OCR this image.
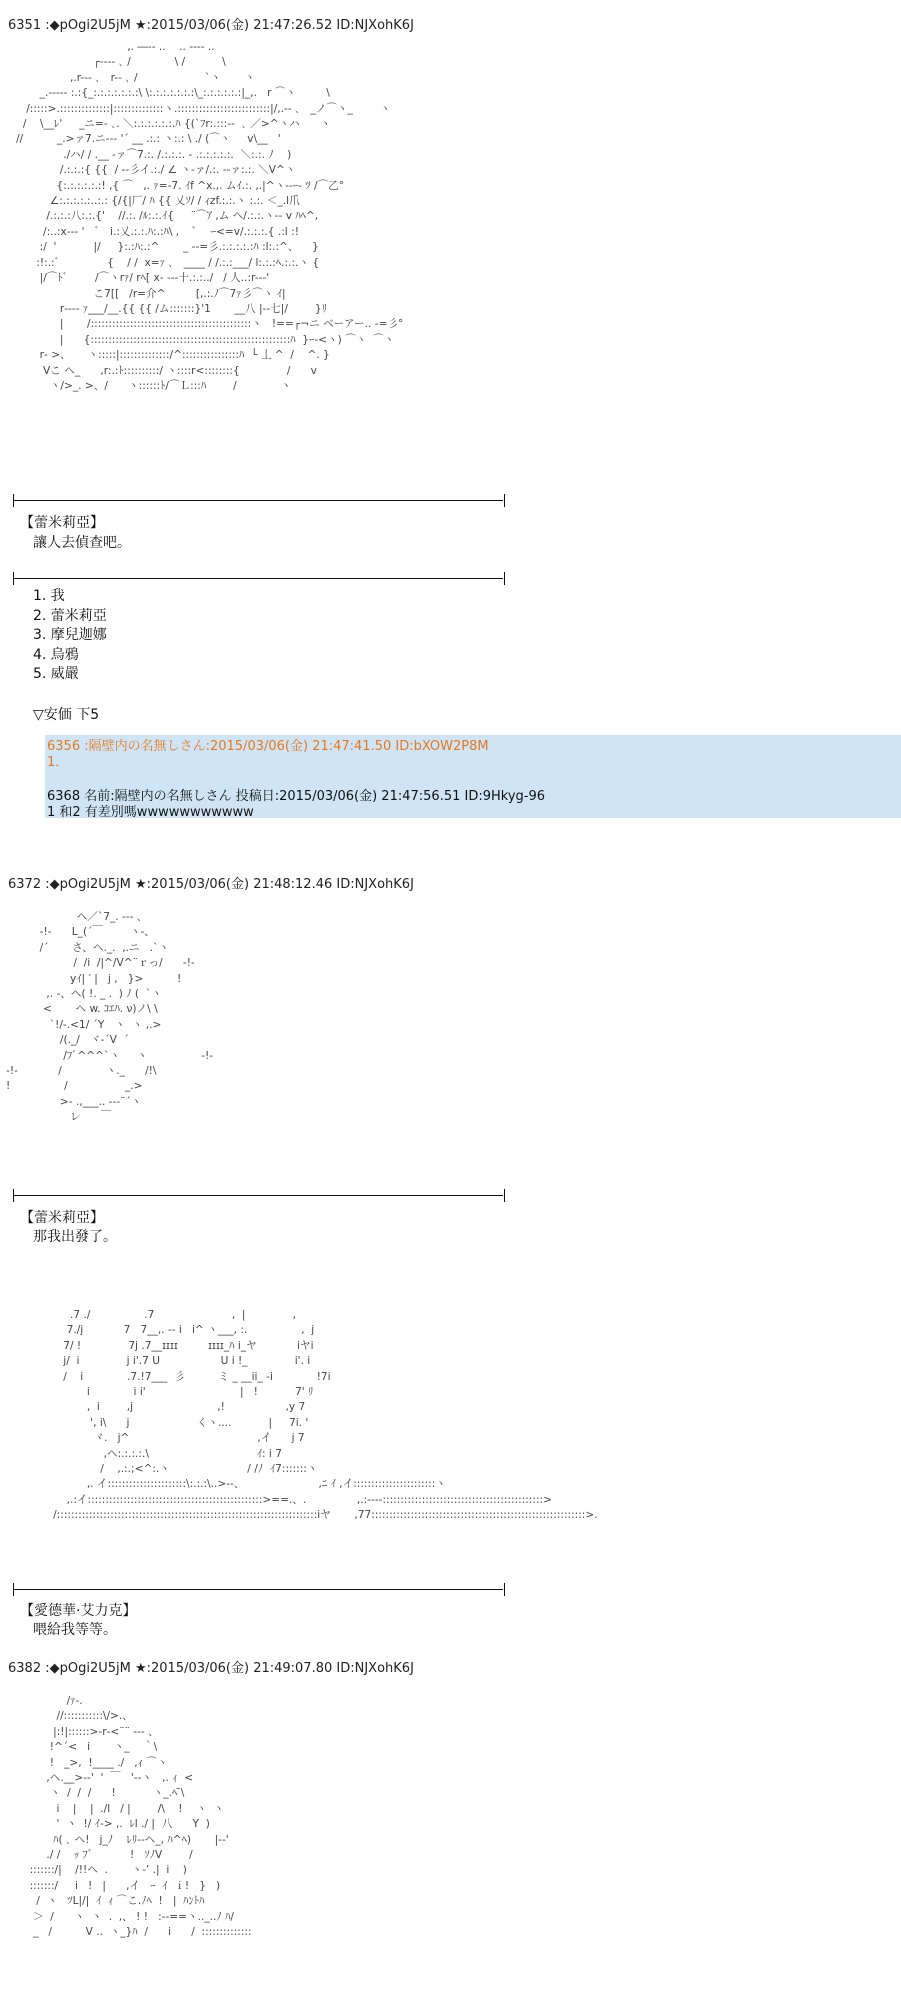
6351 :◆pOgi2U5jM ★:2015/03/06(金) 21:47:26.52 ID:NJXohK6J
,. ―-- ..    .. ---‐ ..
┌---‐ ､ /             \ /           \
,.r--‐ ､   r-‐ ､ /                    `ヽ       ヽ
_.----- :.:{_:.:.:.:.:.:.:\ \:.:.:.:.:.:.:\_:.:.:.:.:.:|_,.   r ⌒ヽ         \
/:::::>.::::::::::::::|::::::::::::::ヽ.::::::::::::::::::::::::::|/,.-‐ ､   _ノ⌒ヽ_        ヽ
/    \__ﾚ'     _ニ=‐ ､. ＼:.:.:.:.:.:.ﾊ {(`ﾌr:.:::-‐  ､ ／>^ヽハ      ヽ
//          _.>ァ7.ニ--‐ '´ __ .:.: ヽ:.: \ ./ (⌒ヽ     v\__   '
./ハ/ / .__ ‐ァ⌒7.:. /.:.:.:. ‐ .:.:.:.:.:.  ＼:.:. ﾉ    )
/.:.:.:{ {{  / ‐-彡イ.:./ ∠ ヽ‐ァ/.:. ‐‐ァ:.:. ＼V^ヽ
{:.:.:.:.:.:! ,{ ⌒   ,. ｧ=-7. ｲf ^x.,. ムｲ.:. ,.|^ヽ--ｰ- ﾂ /⌒乙°
∠:.:.:.:.:..:.: {/{|厂/ ﾊ {{ 乂ｿ/ / ｨzf.:.:.ヽ :.:. ＜_.l爪
/.:.:.:八:.:.{'    //.:. /ﾙ:.:.ｲ{     ¨⌒ｱ ,ム ヘ/.:.:.ヽ-- v ﾊﾍ^,
/:..:x--‐ '   ﾞ   i.:乂.:.:.ﾊ:.:ﾊ\ ,    ﾞ    ｰ<=v/.:.:.:.{ .:l :!
:/  '           |/     }:.:ﾊ:.:^       _ ‐-=彡.:.:.:.:.:ﾊ :l:.:^、    }
:!:.:ﾞ              {    / /  x=ｧ ､   ____ / /.:.:___/ l:.:.:ﾍ.:.:.ヽ {
|/⌒ﾄﾞ        /⌒ヽrｧ/ rﾍ[ x‐ ‐‐‐十.:.:../   / 人..:r--‐'
こ7[[   /r=介^         [,.:.ﾉ⌒7ｧ彡⌒ヽ ｲ|
r‐--- ｧ___/__.{{ {{ /ム:::::::}'1       __八 |‐-七|/        }ﾘ
|       /:::::::::::::::::::::::::::::::::::::::::::::ヽ   !==┌¬ニ ベーアー.. ‐=彡°
|      {::::::::::::::::::::::::::::::::::::::::::::::::::::::::ﾊ  }ｰ‐<ヽ) ⌒ヽ  ⌒ヽ
r‐ >、     ヽ:::::|::::::::::::::/^::::::::::::::::ﾊ  └ 丄 ^  /    ^. }
Vこ ヘ_      ,r:.:ﾄ::::::::::/ ヽ::::r<::::::::{              /      v
ヽ/>_. >、/      ヽ::::::ﾄ/⌒Ｌ:::ﾊ        /             ヽ
【蕾米莉亞】
讓人去偵查吧。
1. 我
2. 蕾米莉亞
3. 摩兒迦娜
4. 烏鴉
5. 威嚴
▽安価 下5
6356 :隔壁内の名無しさん:2015/03/06(金) 21:47:41.50 ID:bXOW2P8M
1．
6368 名前:隔壁内の名無しさん 投稿日:2015/03/06(金) 21:47:56.51 ID:9Hkyg-96
1 和2 有差別嗎wwwwwwwwwww
6372 :◆pOgi2U5jM ★:2015/03/06(金) 21:48:12.46 ID:NJXohK6J
ヘ／`7_. --‐ 、
‐!‐      L_(´￣        ヽ-、
/´       さ、ヘ._.  ,.ニ   .`ヽ
/  /i  /|^/V^¨ｒっ/      ‐!‐
yｲ| ′ |   j ,   }>          !
,. ‐、ヘ( !. _ .  ) ﾉ (  `ヽ
<       ヘ w. ｺｴﾊ. ν)ノ\ \
`!/‐.<1/ ´Y   ヽ  ヽ ,.>
/(._/   ヾ‐´V  ´
/ﾌﾞ^^^`ヽ     ヽ                ‐!‐
‐!‐            /             ヽ._      /!\
!                /                 _.>
>‐ .,___.. --‐¨´ヽ
レ      ￣
【蕾米莉亞】
那我出發了。
.7 ./                .7                       ,  |              ,
7./j            7   7__,. ‐‐ i   i^ ヽ___, :.                ,  j
7/ !              7j .7__ɪɪɪɪ         ɪɪɪɪ_ﾊ i_ヤ            iヤi
j/  i              j i'.7 U                  U i !_              i'. i
/    i             .7.!7___  彡          ミ _ __ii_ -i             !7i
i             i i'                            |   !           7' ﾘ
,  i        ,j                         ,!                  ,y 7
', i\      j                    くヽ....           |     7i. '
ヾ.   j^                                      ,イ      j 7
,ヘ:.:.:.:.\                                ｲ: i 7
/    ,.:.;<^:.ヽ                       / /ﾉ  ｲ7:::::::ヽ
,. イ::::::::::::::::::::::\:.:.:\..>‐-、                      ,ﾆ ｲ ,イ:::::::::::::::::::::::ヽ
,.:イ:::::::::::::::::::::::::::::::::::::::::::::::::>==.、.               ,.:‐---:::::::::::::::::::::::::::::::::::::::::::::>
/:::::::::::::::::::::::::::::::::::::::::::::::::::::::::::::::::::::::::iヤ       ,77::::::::::::::::::::::::::::::::::::::::::::::::::::::::::::>.
【愛德華·艾力克】
喂給我等等。
6382 :◆pOgi2U5jM ★:2015/03/06(金) 21:49:07.80 ID:NJXohK6J
/ｧ‐.
//:::::::::::\/>.、
|:!|::::::>‐r‐<¨¨ ‐‐- 、
!^´<   i       ヽ_    ｀\
!   _>,  !____ ./   ,ｨ ⌒ヽ
,ヘ.__>-‐'  '  ￣   '‐‐ヽ   ,. ｨ  <
ヽ  /  /  /      !           ヽ_.ﾍ ̄\
i    |    |  ./l   / |        /\    !    ヽ  ヽ
'  ヽ  !/ ｲ‐> ,.  ﾚl ./ |  八      Y  )
ﾊ( ､ ヘ!   j_ﾉ    ﾚﾘ‐‐ヘ_, ﾊ^ﾍ)       |‐‐'
./ /    ｯ ﾌﾞ           !   ｿﾉV        /
:::::::/|    /!!ヘ  .       ヽ‐’ .|  i    )
:::::::/     i   !   |      ,イ   ｰ  ｲ  ｉ!   }   )
/  ヽ   ﾂL|/|  ｲ  ｨ ⌒こ.ﾉﾍ  !   |  ﾊﾝﾄﾊ
＞  /      ヽ  ヽ  .  ,、 ! !   :-‐==ヽ.._..ﾉ ﾊ/
_   /          V ..  ヽ_}ﾊ  /      i      /  ::::::::::::::
